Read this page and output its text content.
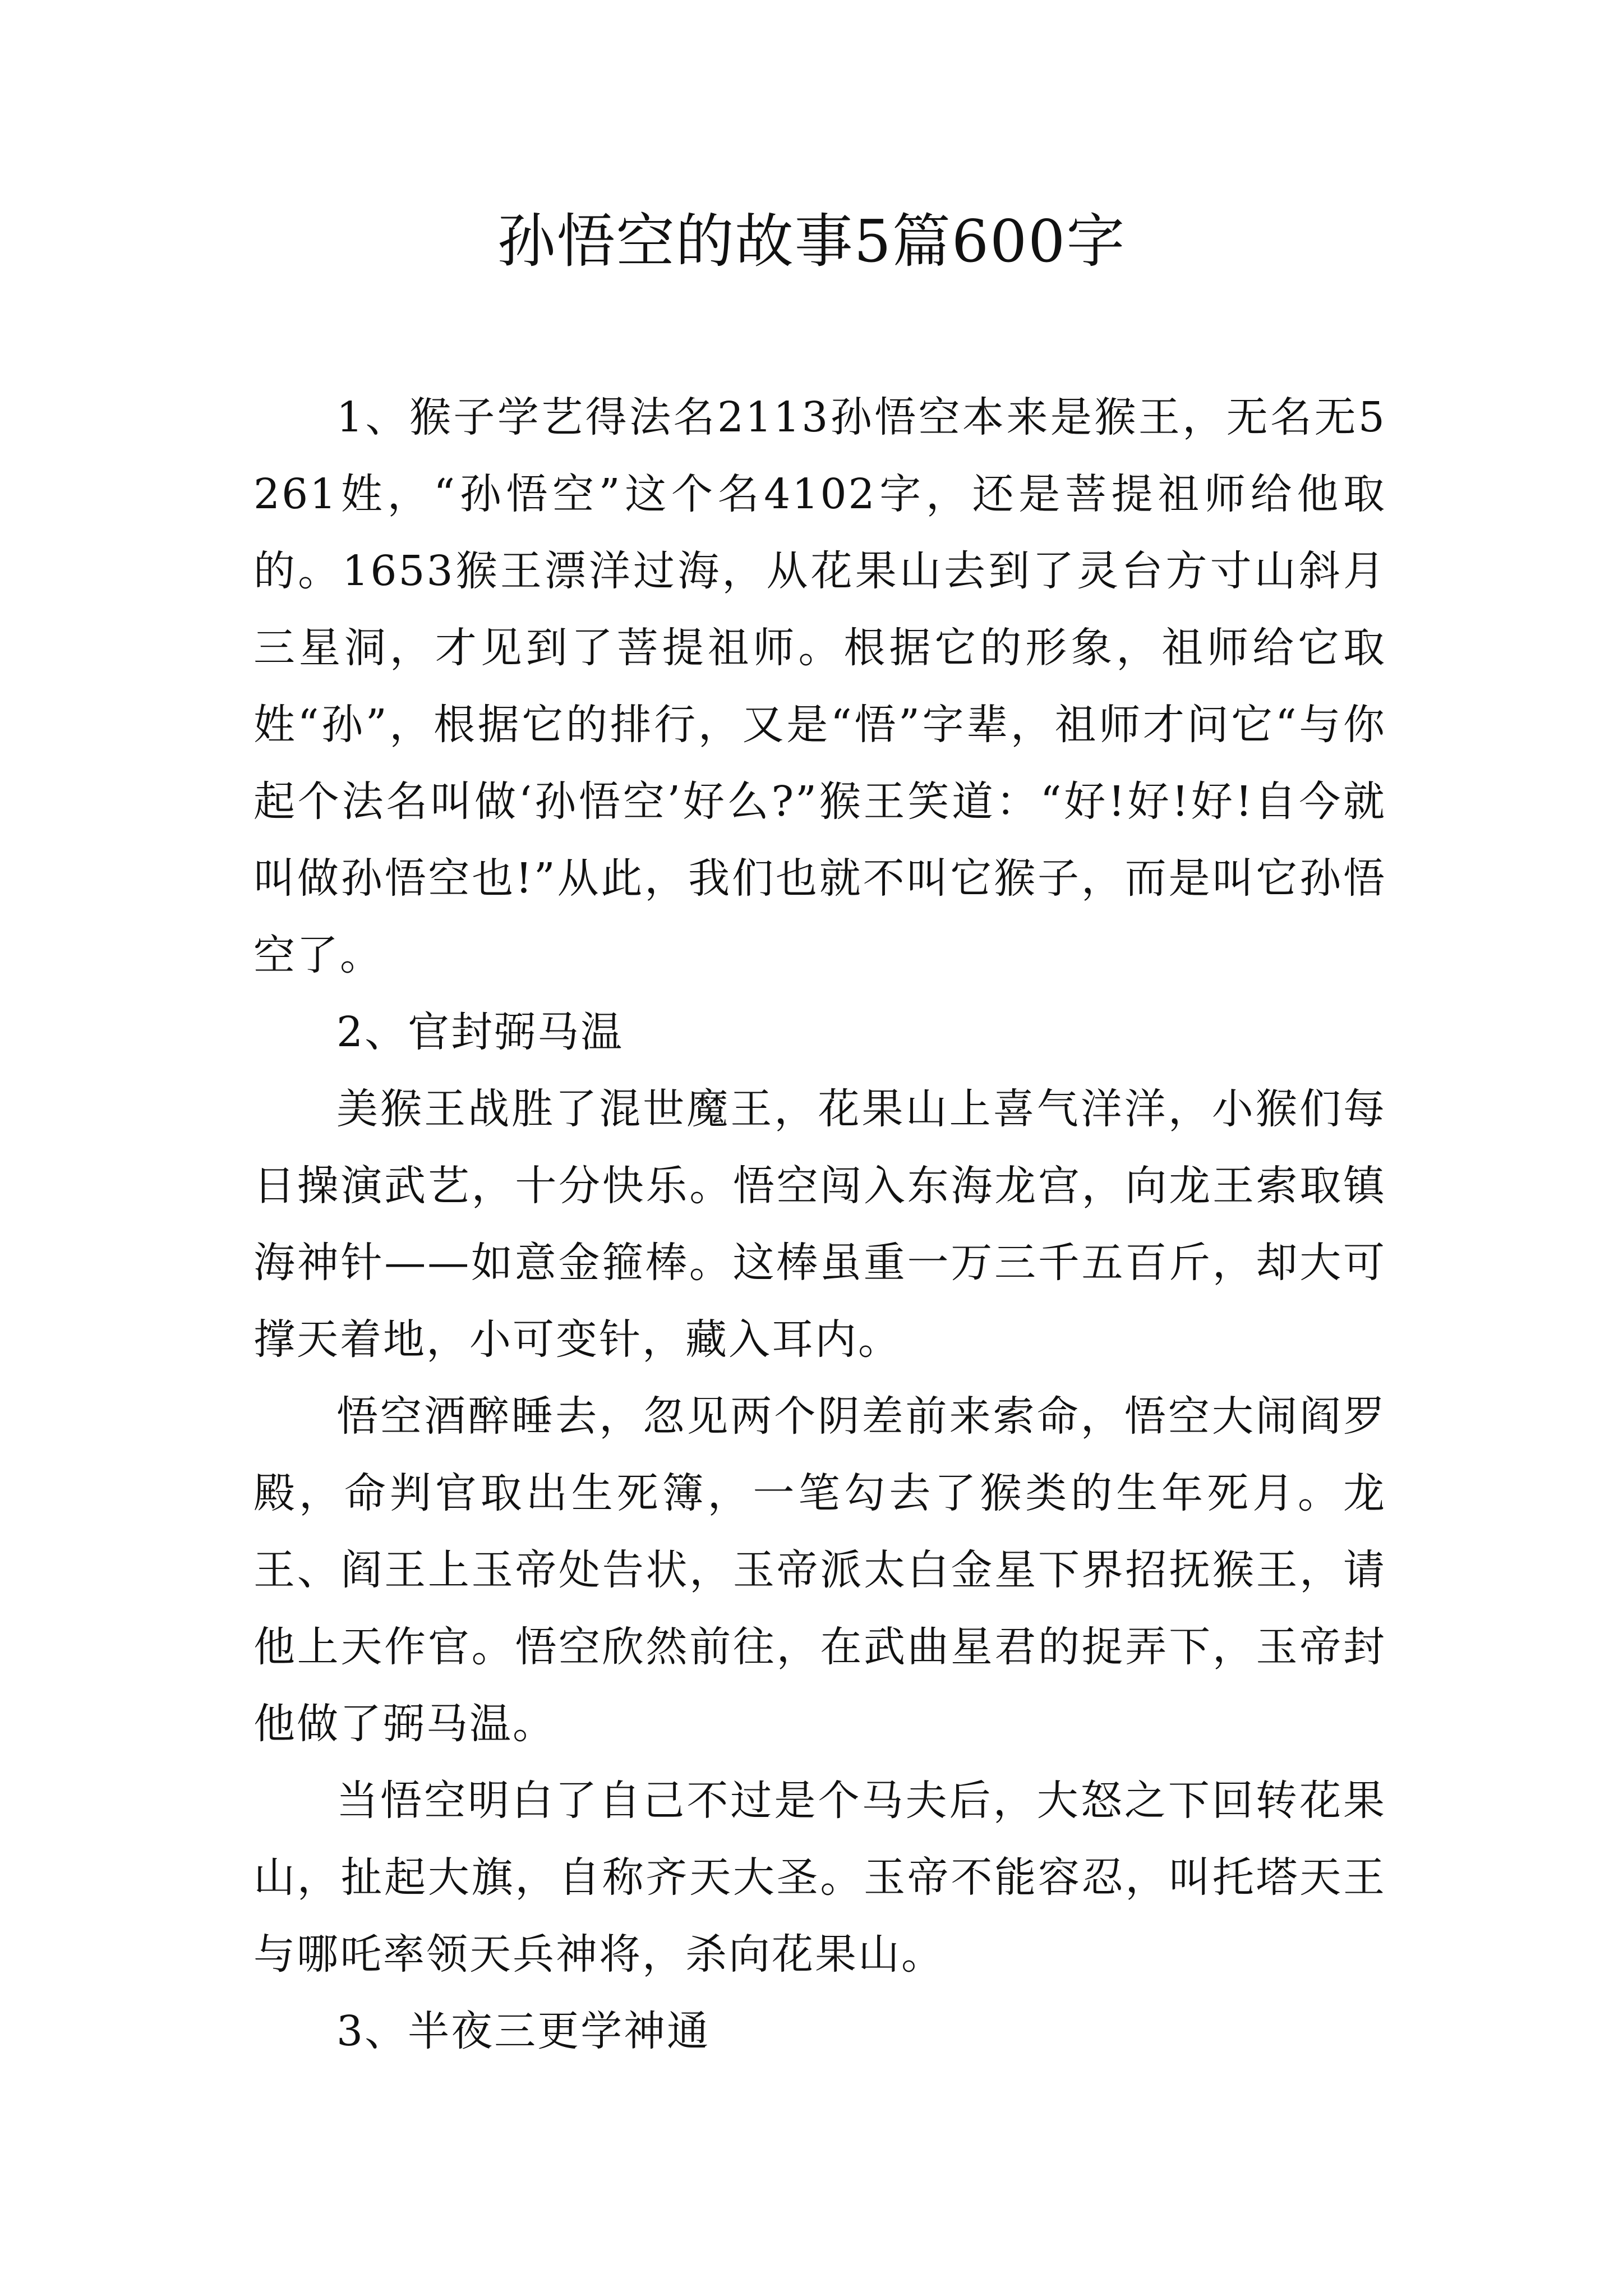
孙悟空的故事5篇600字

1、猴子学艺得法名2113孙悟空本来是猴王，无名无5261姓，“孙悟空”这个名4102字，还是菩提祖师给他取的。1653猴王漂洋过海，从花果山去到了灵台方寸山斜月三星洞，才见到了菩提祖师。根据它的形象，祖师给它取姓“孙”，根据它的排行，又是“悟”字辈，祖师才问它“与你起个法名叫做‘孙悟空’好么?”猴王笑道：“好!好!好!自今就叫做孙悟空也!”从此，我们也就不叫它猴子，而是叫它孙悟空了。

2、官封弼马温

美猴王战胜了混世魔王，花果山上喜气洋洋，小猴们每日操演武艺，十分快乐。悟空闯入东海龙宫，向龙王索取镇海神针——如意金箍棒。这棒虽重一万三千五百斤，却大可撑天着地，小可变针，藏入耳内。

悟空酒醉睡去，忽见两个阴差前来索命，悟空大闹阎罗殿，命判官取出生死簿，一笔勾去了猴类的生年死月。龙王、阎王上玉帝处告状，玉帝派太白金星下界招抚猴王，请他上天作官。悟空欣然前往，在武曲星君的捉弄下，玉帝封他做了弼马温。

当悟空明白了自己不过是个马夫后，大怒之下回转花果山，扯起大旗，自称齐天大圣。玉帝不能容忍，叫托塔天王与哪吒率领天兵神将，杀向花果山。

3、半夜三更学神通
